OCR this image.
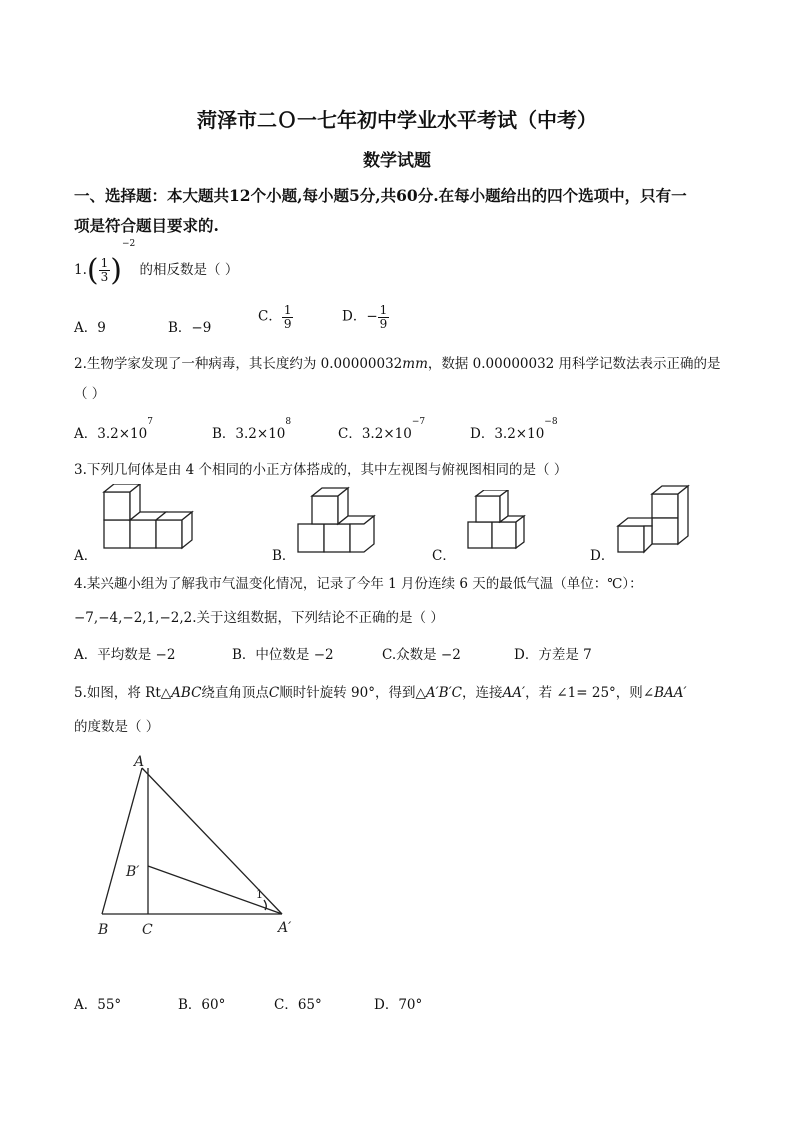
菏泽市二Ｏ一七年初中学业水平考试（中考）
数学试题
一、选择题：本大题共12个小题,每小题5分,共60分.在每小题给出的四个选项中，只有一
项是符合题目要求的.
$1.( \frac{1}{3} )^{-2}$ 的相反数是（ ）
A．9	B．−9
C． $\frac{1}{9}$	D．− $\frac{1}{9}$
2.生物学家发现了一种病毒，其长度约为 0.00000032mm，数据 0.00000032 用科学记数法表示正确的是
（ ）
A．$3.2\times 10^7$
B．$3.2\times 10^8$
C．$3.2\times 10^{-7}$
D．$3.2\times 10^{-8}$
3.下列几何体是由 4 个相同的小正方体搭成的，其中左视图与俯视图相同的是（ ）
A．	B．	C．	D．
4.某兴趣小组为了解我市气温变化情况，记录了今年 1 月份连续 6 天的最低气温（单位：℃）：
−7,−4,−2,1,−2,2.关于这组数据，下列结论不正确的是（ ）
A．平均数是 −2	B．中位数是 −2	C.众数是 −2	D．方差是 7
5.如图，将 Rt△ABC绕直角顶点C顺时针旋转 90°，得到△A′B′C，连接AA′，若 ∠1= 25°，则∠BAA′
的度数是（ ）
A
B C
B′
A′
1
A．55°	B．60°	C．65°	D．70°
